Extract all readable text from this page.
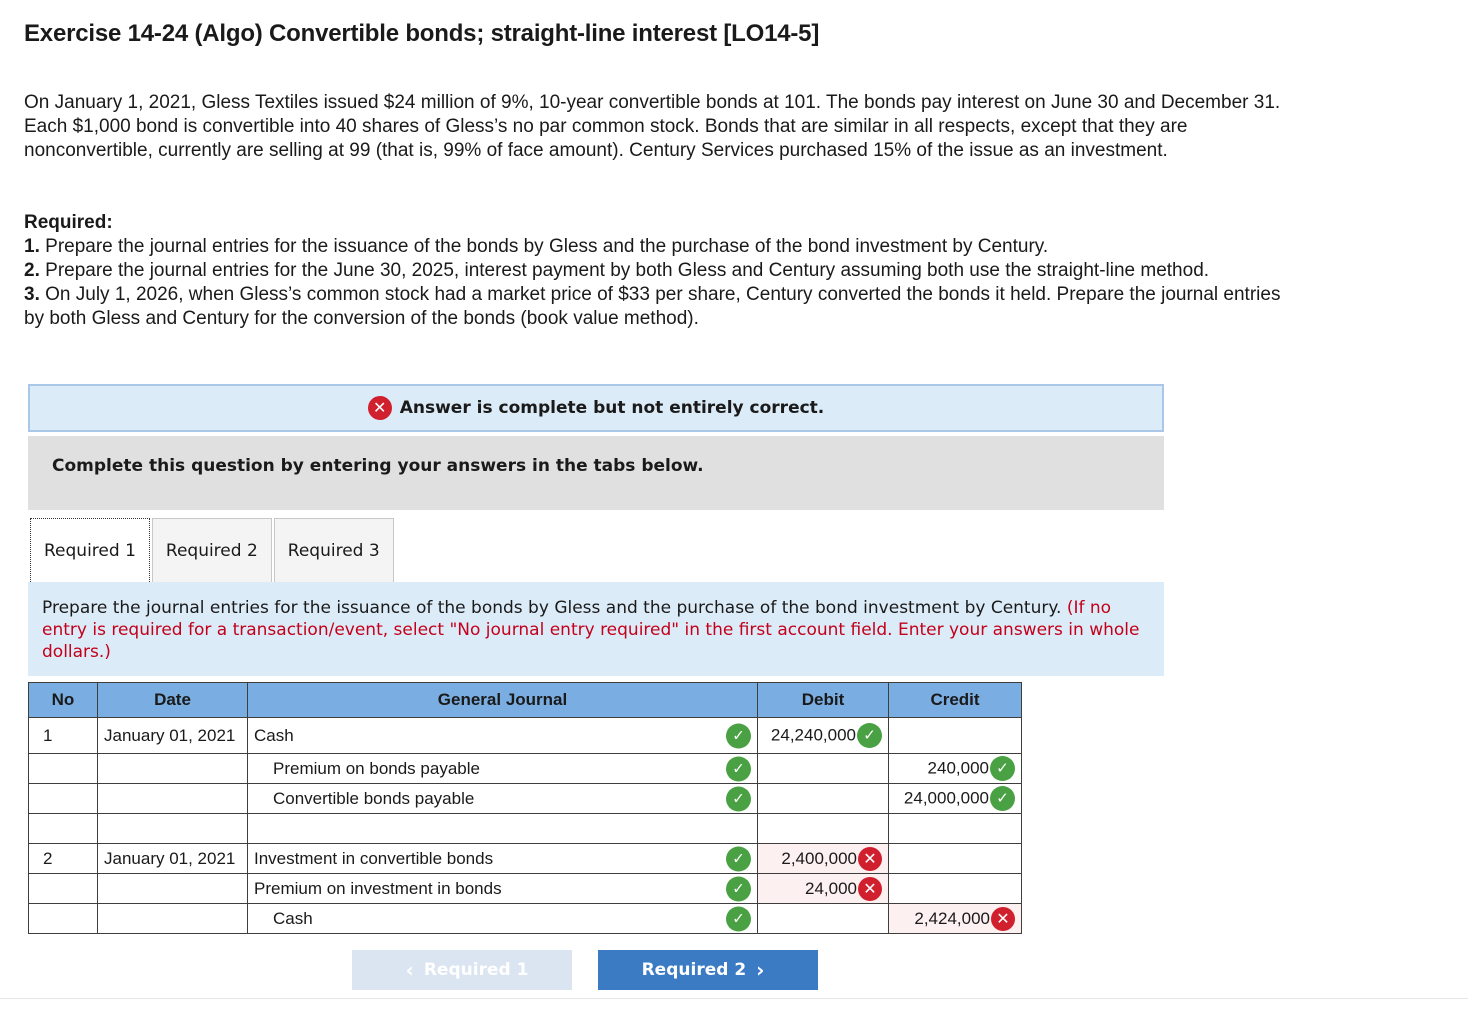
Exercise 14-24 (Algo) Convertible bonds; straight-line interest [LO14-5]
On January 1, 2021, Gless Textiles issued $24 million of 9%, 10-year convertible bonds at 101. The bonds pay interest on June 30 and December 31. Each $1,000 bond is convertible into 40 shares of Gless’s no par common stock. Bonds that are similar in all respects, except that they are nonconvertible, currently are selling at 99 (that is, 99% of face amount). Century Services purchased 15% of the issue as an investment.
Required:
1. Prepare the journal entries for the issuance of the bonds by Gless and the purchase of the bond investment by Century.
2. Prepare the journal entries for the June 30, 2025, interest payment by both Gless and Century assuming both use the straight-line method.
3. On July 1, 2026, when Gless’s common stock had a market price of $33 per share, Century converted the bonds it held. Prepare the journal entries by both Gless and Century for the conversion of the bonds (book value method).
✕ Answer is complete but not entirely correct.
Complete this question by entering your answers in the tabs below.
Required 1	Required 2	Required 3
Prepare the journal entries for the issuance of the bonds by Gless and the purchase of the bond investment by Century. (If no entry is required for a transaction/event, select "No journal entry required" in the first account field. Enter your answers in whole dollars.)
No	Date	General Journal	Debit	Credit
1	January 01, 2021	Cash ✓	24,240,000 ✓	
		Premium on bonds payable ✓		240,000 ✓
		Convertible bonds payable ✓		24,000,000 ✓

2	January 01, 2021	Investment in convertible bonds ✓	2,400,000 ✕	
		Premium on investment in bonds ✓	24,000 ✕	
		Cash ✓		2,424,000 ✕
‹ Required 1	Required 2 ›
